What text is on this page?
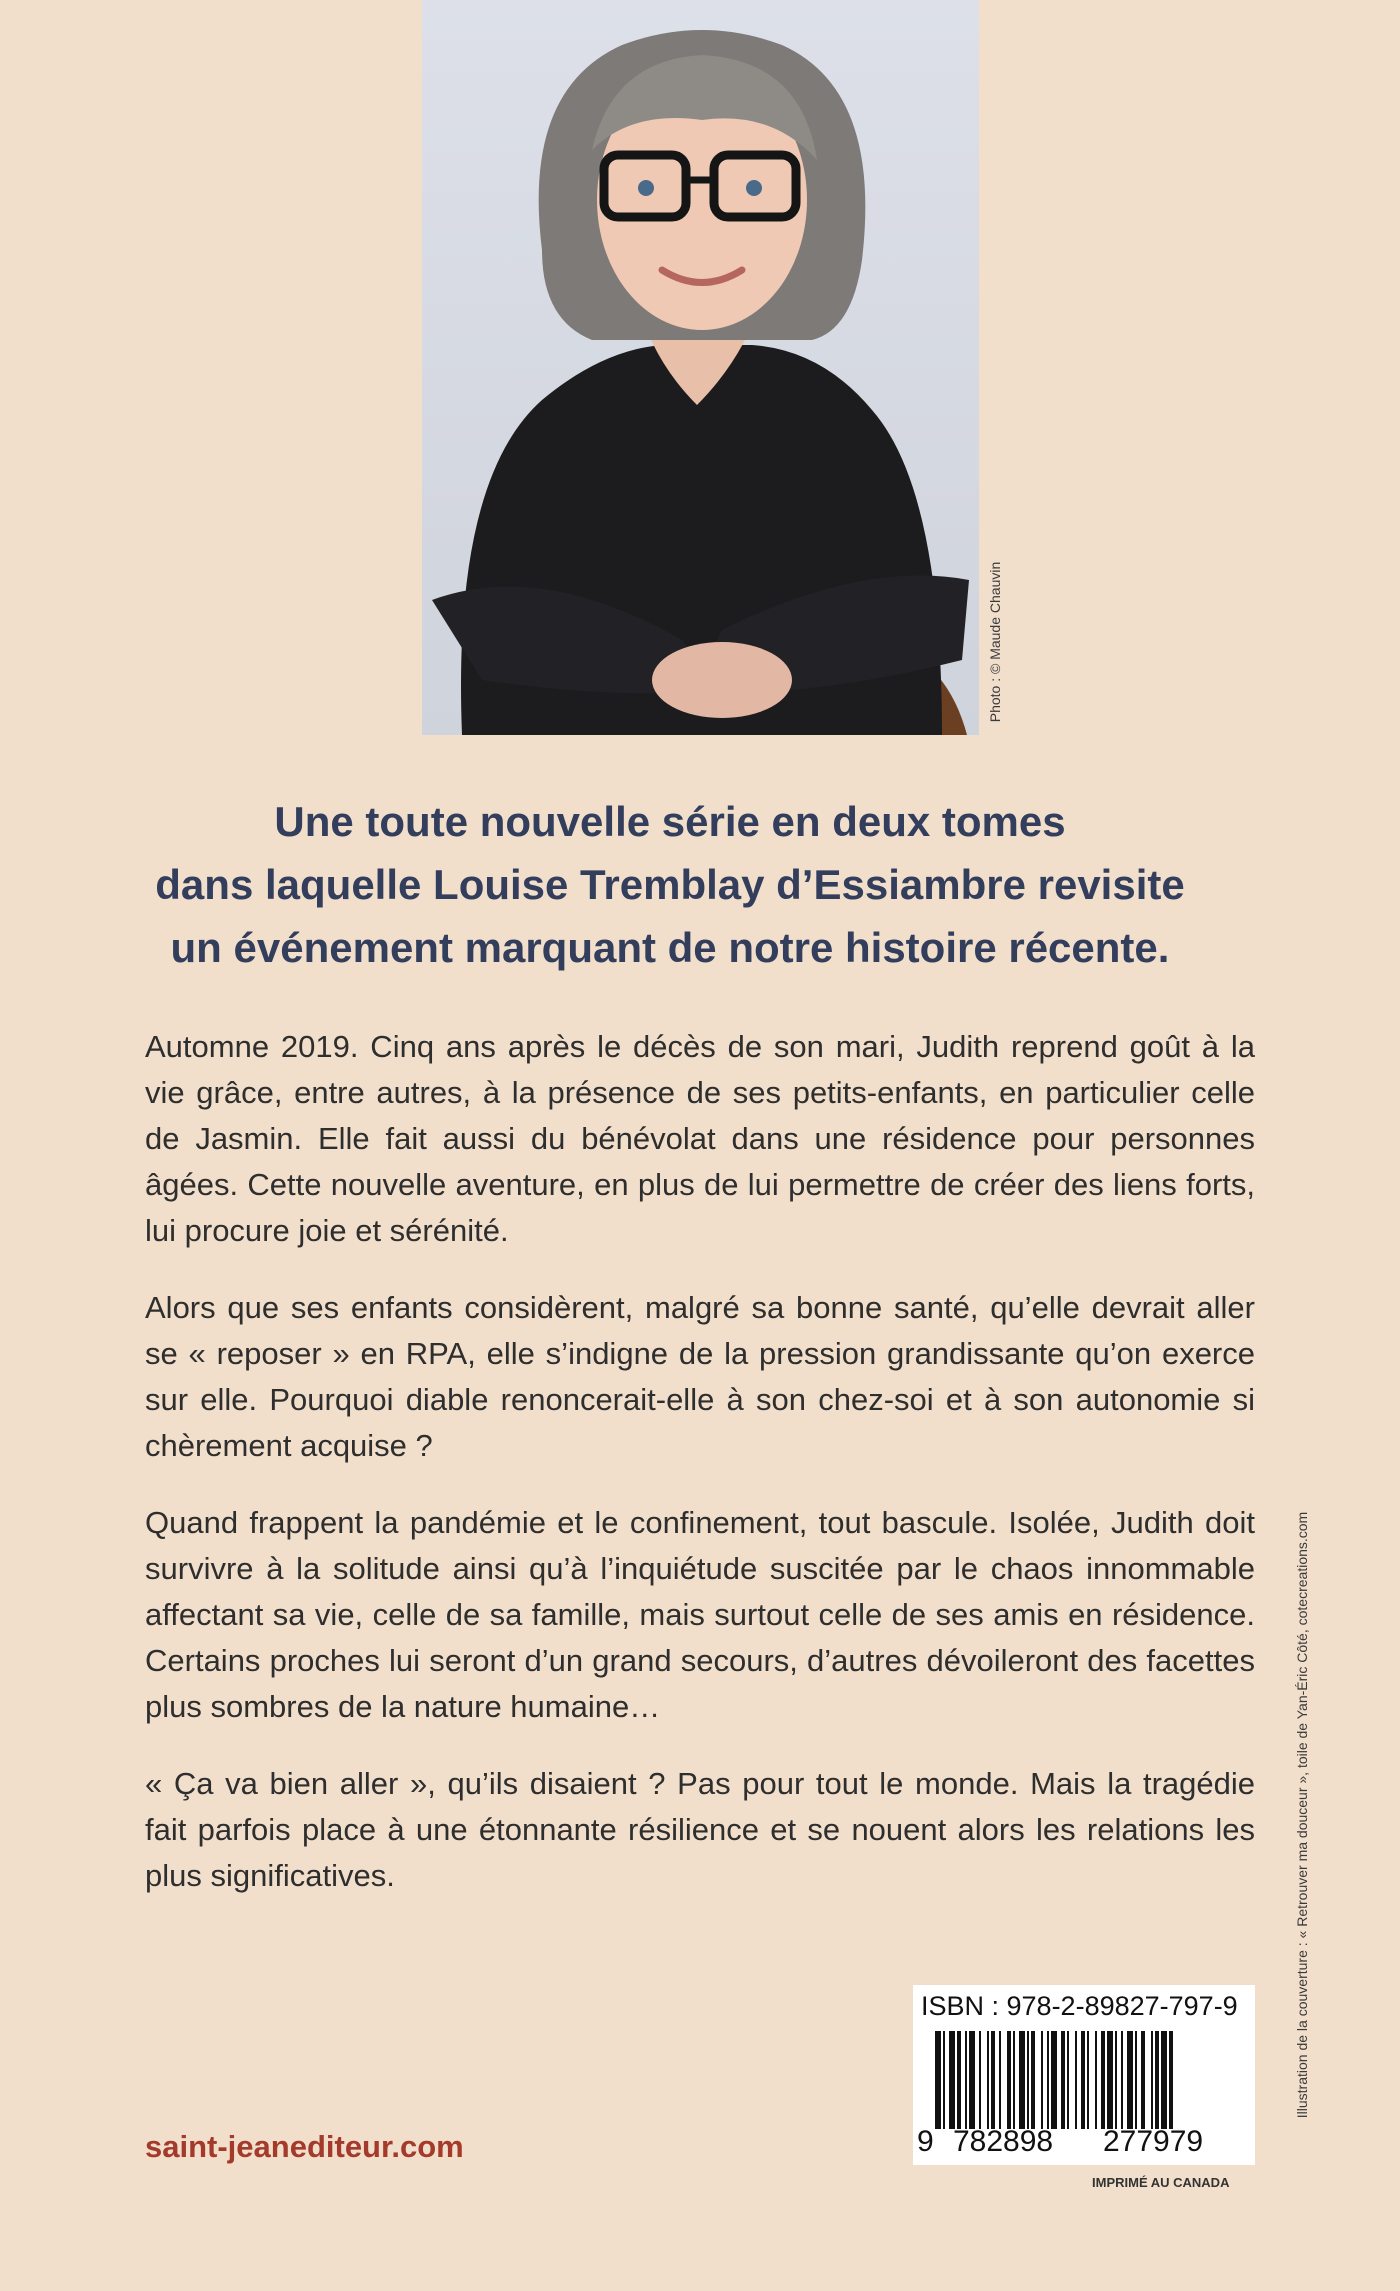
Photo : © Maude Chauvin
Une toute nouvelle série en deux tomes
dans laquelle Louise Tremblay d’Essiambre revisite
un événement marquant de notre histoire récente.

Automne 2019. Cinq ans après le décès de son mari, Judith reprend goût à la vie grâce, entre autres, à la présence de ses petits-enfants, en particulier celle de Jasmin. Elle fait aussi du bénévolat dans une résidence pour personnes âgées. Cette nouvelle aventure, en plus de lui permettre de créer des liens forts, lui procure joie et sérénité.

Alors que ses enfants considèrent, malgré sa bonne santé, qu’elle devrait aller se « reposer » en RPA, elle s’indigne de la pression grandissante qu’on exerce sur elle. Pourquoi diable renoncerait-elle à son chez-soi et à son autonomie si chèrement acquise ?

Quand frappent la pandémie et le confinement, tout bascule. Isolée, Judith doit survivre à la solitude ainsi qu’à l’inquiétude suscitée par le chaos innommable affectant sa vie, celle de sa famille, mais surtout celle de ses amis en résidence. Certains proches lui seront d’un grand secours, d’autres dévoileront des facettes plus sombres de la nature humaine…

« Ça va bien aller », qu’ils disaient ? Pas pour tout le monde. Mais la tragédie fait parfois place à une étonnante résilience et se nouent alors les relations les plus significatives.

saint-jeanediteur.com
ISBN : 978-2-89827-797-9
9 782898 277979
IMPRIMÉ AU CANADA
Illustration de la couverture : « Retrouver ma douceur », toile de Yan-Éric Côté, cotecreations.com
